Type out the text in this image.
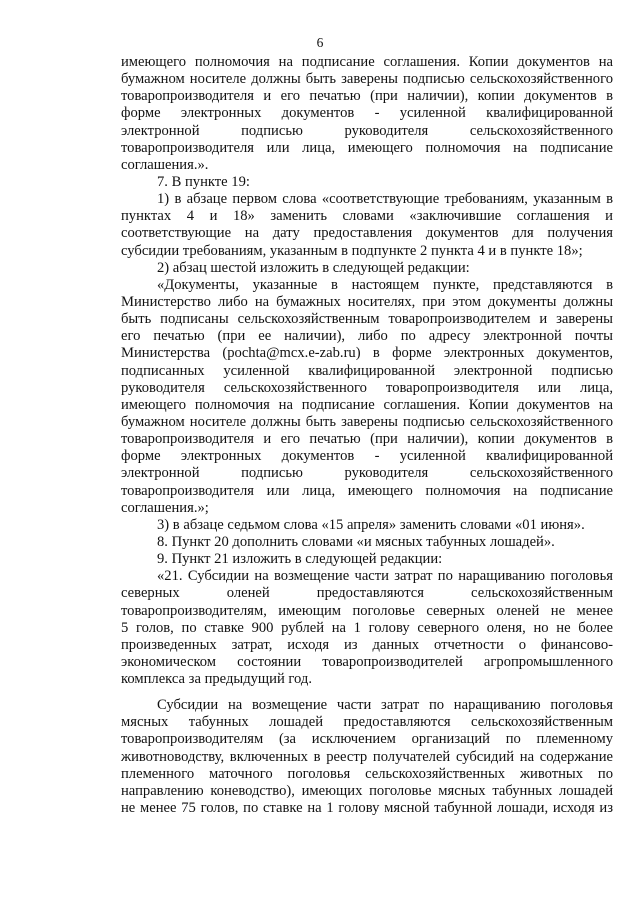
6
имеющего полномочия на подписание соглашения. Копии документов на
бумажном носителе должны быть заверены подписью сельскохозяйственного
товаропроизводителя и его печатью (при наличии), копии документов в
форме электронных документов - усиленной квалифицированной
электронной подписью руководителя сельскохозяйственного
товаропроизводителя или лица, имеющего полномочия на подписание
соглашения.».
7. В пункте 19:
1) в абзаце первом слова «соответствующие требованиям, указанным в
пунктах 4 и 18» заменить словами «заключившие соглашения и
соответствующие на дату предоставления документов для получения
субсидии требованиям, указанным в подпункте 2 пункта 4 и в пункте 18»;
2) абзац шестой изложить в следующей редакции:
«Документы, указанные в настоящем пункте, представляются в
Министерство либо на бумажных носителях, при этом документы должны
быть подписаны сельскохозяйственным товаропроизводителем и заверены
его печатью (при ее наличии), либо по адресу электронной почты
Министерства (pochta@mcx.e-zab.ru) в форме электронных документов,
подписанных усиленной квалифицированной электронной подписью
руководителя сельскохозяйственного товаропроизводителя или лица,
имеющего полномочия на подписание соглашения. Копии документов на
бумажном носителе должны быть заверены подписью сельскохозяйственного
товаропроизводителя и его печатью (при наличии), копии документов в
форме электронных документов - усиленной квалифицированной
электронной подписью руководителя сельскохозяйственного
товаропроизводителя или лица, имеющего полномочия на подписание
соглашения.»;
3) в абзаце седьмом слова «15 апреля» заменить словами «01 июня».
8. Пункт 20 дополнить словами «и мясных табунных лошадей».
9. Пункт 21 изложить в следующей редакции:
«21. Субсидии на возмещение части затрат по наращиванию поголовья
северных оленей предоставляются сельскохозяйственным
товаропроизводителям, имеющим поголовье северных оленей не менее
5 голов, по ставке 900 рублей на 1 голову северного оленя, но не более
произведенных затрат, исходя из данных отчетности о финансово-
экономическом состоянии товаропроизводителей агропромышленного
комплекса за предыдущий год.
Субсидии на возмещение части затрат по наращиванию поголовья
мясных табунных лошадей предоставляются сельскохозяйственным
товаропроизводителям (за исключением организаций по племенному
животноводству, включенных в реестр получателей субсидий на содержание
племенного маточного поголовья сельскохозяйственных животных по
направлению коневодство), имеющих поголовье мясных табунных лошадей
не менее 75 голов, по ставке на 1 голову мясной табунной лошади, исходя из
